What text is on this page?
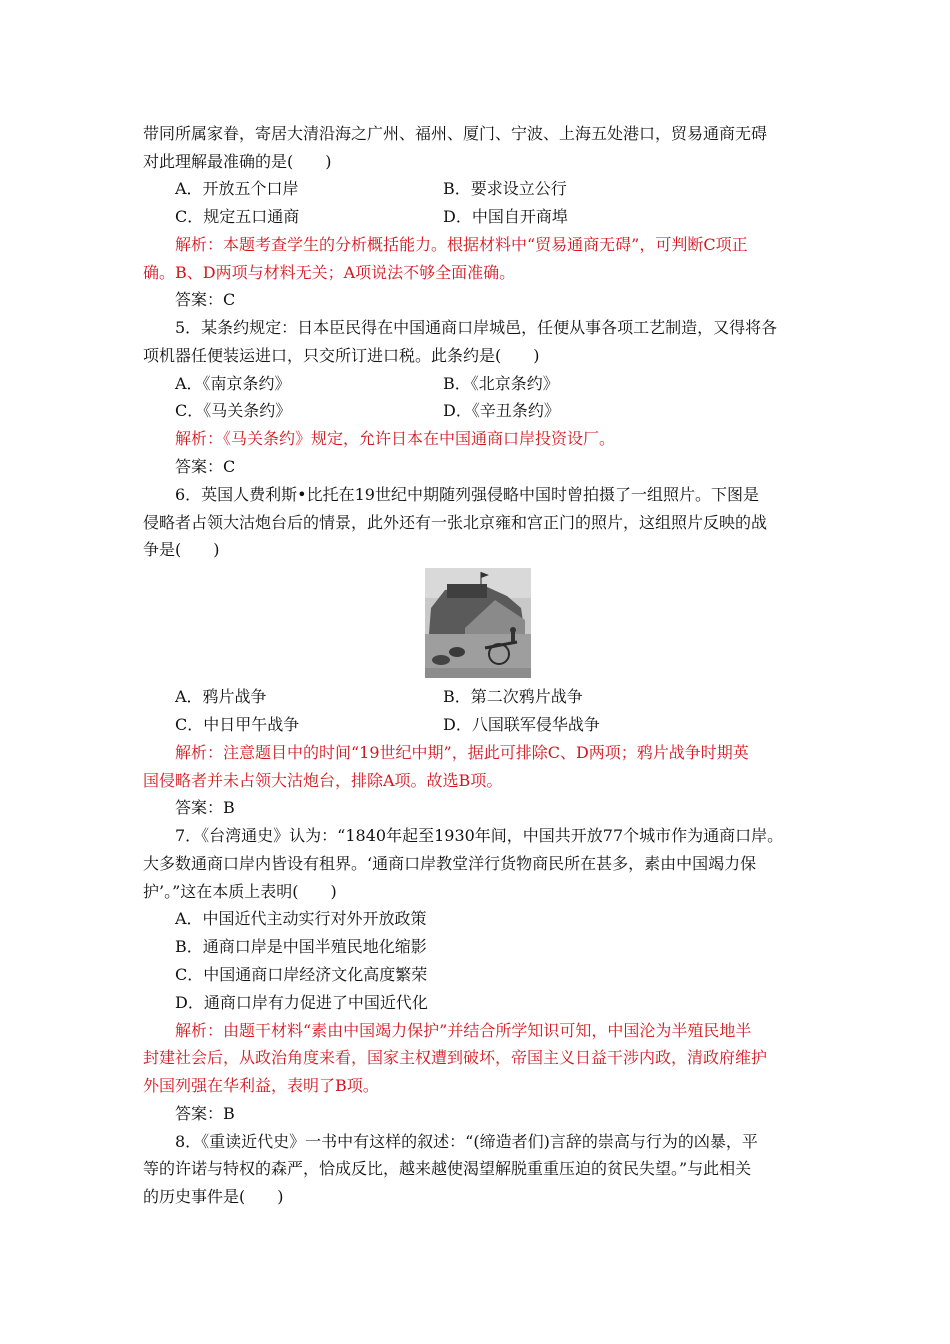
带同所属家眷，寄居大清沿海之广州、福州、厦门、宁波、上海五处港口，贸易通商无碍
对此理解最准确的是(　　)
A．开放五个口岸	B．要求设立公行
C．规定五口通商	D．中国自开商埠
解析：本题考查学生的分析概括能力。根据材料中“贸易通商无碍”，可判断C项正
确。B、D两项与材料无关；A项说法不够全面准确。
答案：C
5．某条约规定：日本臣民得在中国通商口岸城邑，任便从事各项工艺制造，又得将各
项机器任便装运进口，只交所订进口税。此条约是(　　)
A．《南京条约》	B．《北京条约》
C．《马关条约》	D．《辛丑条约》
解析：《马关条约》规定，允许日本在中国通商口岸投资设厂。
答案：C
6．英国人费利斯•比托在19世纪中期随列强侵略中国时曾拍摄了一组照片。下图是
侵略者占领大沽炮台后的情景，此外还有一张北京雍和宫正门的照片，这组照片反映的战
争是(　　)
A．鸦片战争	B．第二次鸦片战争
C．中日甲午战争	D．八国联军侵华战争
解析：注意题目中的时间“19世纪中期”，据此可排除C、D两项；鸦片战争时期英
国侵略者并未占领大沽炮台，排除A项。故选B项。
答案：B
7．《台湾通史》认为：“1840年起至1930年间，中国共开放77个城市作为通商口岸。
大多数通商口岸内皆设有租界。‘通商口岸教堂洋行货物商民所在甚多，素由中国竭力保
护’。”这在本质上表明(　　)
A．中国近代主动实行对外开放政策
B．通商口岸是中国半殖民地化缩影
C．中国通商口岸经济文化高度繁荣
D．通商口岸有力促进了中国近代化
解析：由题干材料“素由中国竭力保护”并结合所学知识可知，中国沦为半殖民地半
封建社会后，从政治角度来看，国家主权遭到破坏，帝国主义日益干涉内政，清政府维护
外国列强在华利益，表明了B项。
答案：B
8．《重读近代史》一书中有这样的叙述：“(缔造者们)言辞的崇高与行为的凶暴，平
等的许诺与特权的森严，恰成反比，越来越使渴望解脱重重压迫的贫民失望。”与此相关
的历史事件是(　　)
